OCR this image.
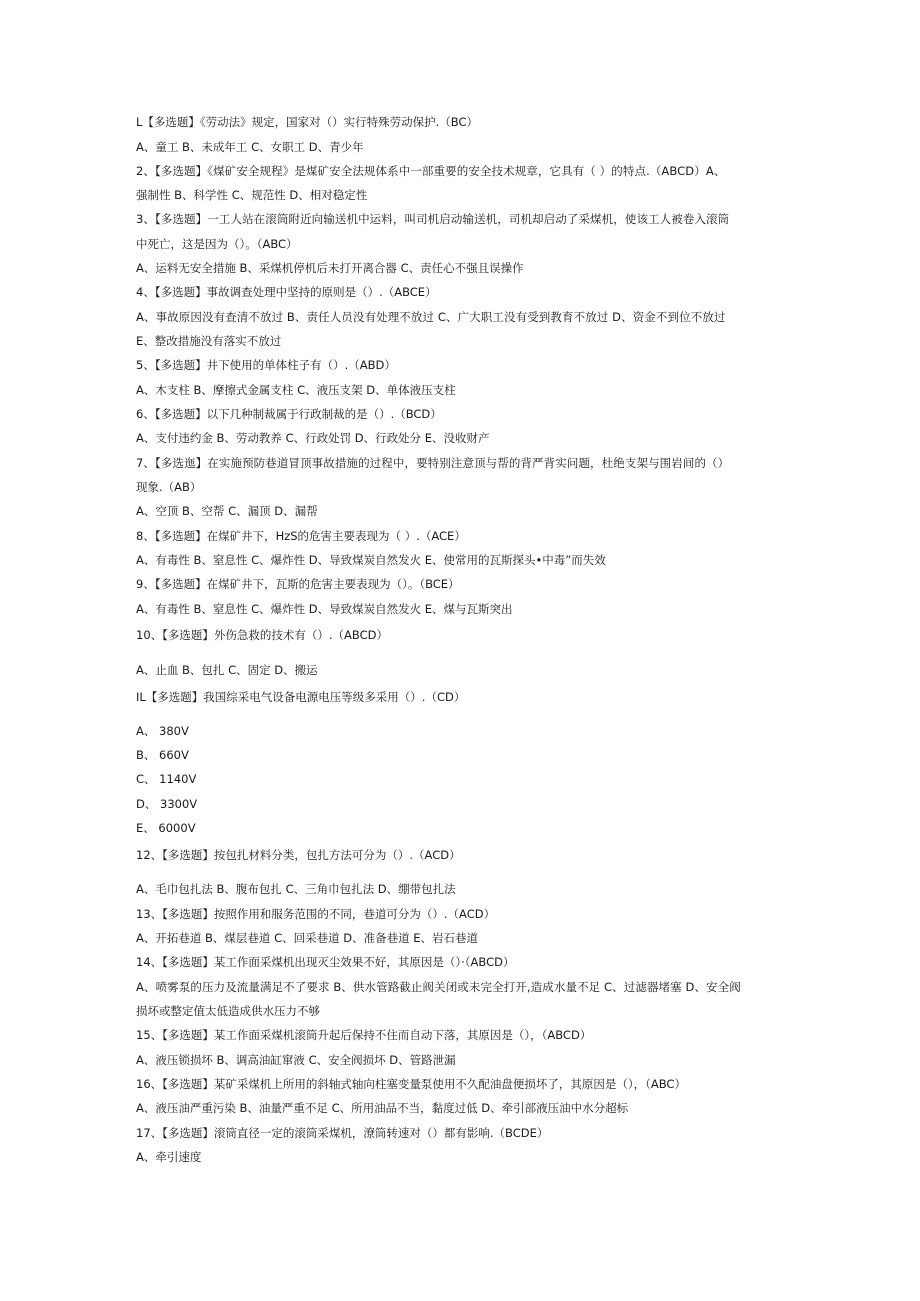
L【多选题】《劳动法》规定，国家对（）实行特殊劳动保护.（BC）
A、童工 B、未成年工 C、女职工 D、青少年
2、【多选题】《煤矿安全规程》是煤矿安全法规体系中一部重要的安全技术规章，它具有（ ）的特点.（ABCD）A、
强制性 B、科学性 C、规范性 D、相对稳定性
3、【多选题】一工人站在滚筒附近向输送机中运料，叫司机启动输送机，司机却启动了采煤机，使该工人被卷入滚筒
中死亡，这是因为（）。（ABC）
A、运料无安全措施 B、采煤机停机后未打开离合器 C、责任心不强且误操作
4、【多选题】事故调查处理中坚持的原则是（）.（ABCE）
A、事故原因没有查清不放过 B、责任人员没有处理不放过 C、广大职工没有受到教育不放过 D、资金不到位不放过
E、整改措施没有落实不放过
5、【多选题】井下使用的单体柱子有（）.（ABD）
A、木支柱 B、摩擦式金属支柱 C、液压支架 D、单体液压支柱
6、【多选题】以下几种制裁属于行政制裁的是（）.（BCD）
A、支付违约金 B、劳动教养 C、行政处罚 D、行政处分 E、没收财产
7、【多选迤】在实施预防巷道冒顶事故措施的过程中，要特别注意顶与帮的背严背实问题，杜绝支架与围岩间的（）
现象.（AB）
A、空顶 B、空帮 C、漏顶 D、漏帮
8、【多选题】在煤矿井下，HzS的危害主要表现为（ ）.（ACE）
A、有毒性 B、窒息性 C、爆炸性 D、导致煤炭自然发火 E、使常用的瓦斯探头•中毒”而失效
9、【多选题】在煤矿井下，瓦斯的危害主要表现为（）。（BCE）
A、有毒性 B、窒息性 C、爆炸性 D、导致煤炭自然发火 E、煤与瓦斯突出
10、【多选题】外伤急救的技术有（）.（ABCD）
A、止血 B、包扎 C、固定 D、搬运
IL【多选题】我国综采电气设备电源电压等级多采用（）.（CD）
A、 380V
B、 660V
C、 1140V
D、 3300V
E、 6000V
12、【多选题】按包扎材料分类，包扎方法可分为（）.（ACD）
A、毛巾包扎法 B、腹布包扎 C、三角巾包扎法 D、绷带包扎法
13、【多选题】按照作用和服务范围的不同，巷道可分为（）.（ACD）
A、开拓巷道 B、煤层巷道 C、回采巷道 D、准备巷道 E、岩石巷道
14、【多选题】某工作面采煤机出现灭尘效果不好，其原因是（）·（ABCD）
A、喷雾泵的压力及流量满足不了要求 B、供水管路截止阀关闭或未完全打开,造成水量不足 C、过滤器堵塞 D、安全阀
损坏或整定值太低造成供水压力不够
15、【多选题】某工作面采煤机滚筒升起后保持不住而自动下落，其原因是（），（ABCD）
A、液压锁损坏 B、调高油缸窜液 C、安全阀损坏 D、管路泄漏
16、【多选题】某矿采煤机上所用的斜轴式轴向柱塞变量泵使用不久配油盘便损坏了，其原因是（），（ABC）
A、液压油严重污染 B、油量严重不足 C、所用油品不当，黏度过低 D、牵引部液压油中水分超标
17、【多选题】滚筒直径一定的滚筒采煤机，潦筒转速对（）都有影响.（BCDE）
A、牵引速度
